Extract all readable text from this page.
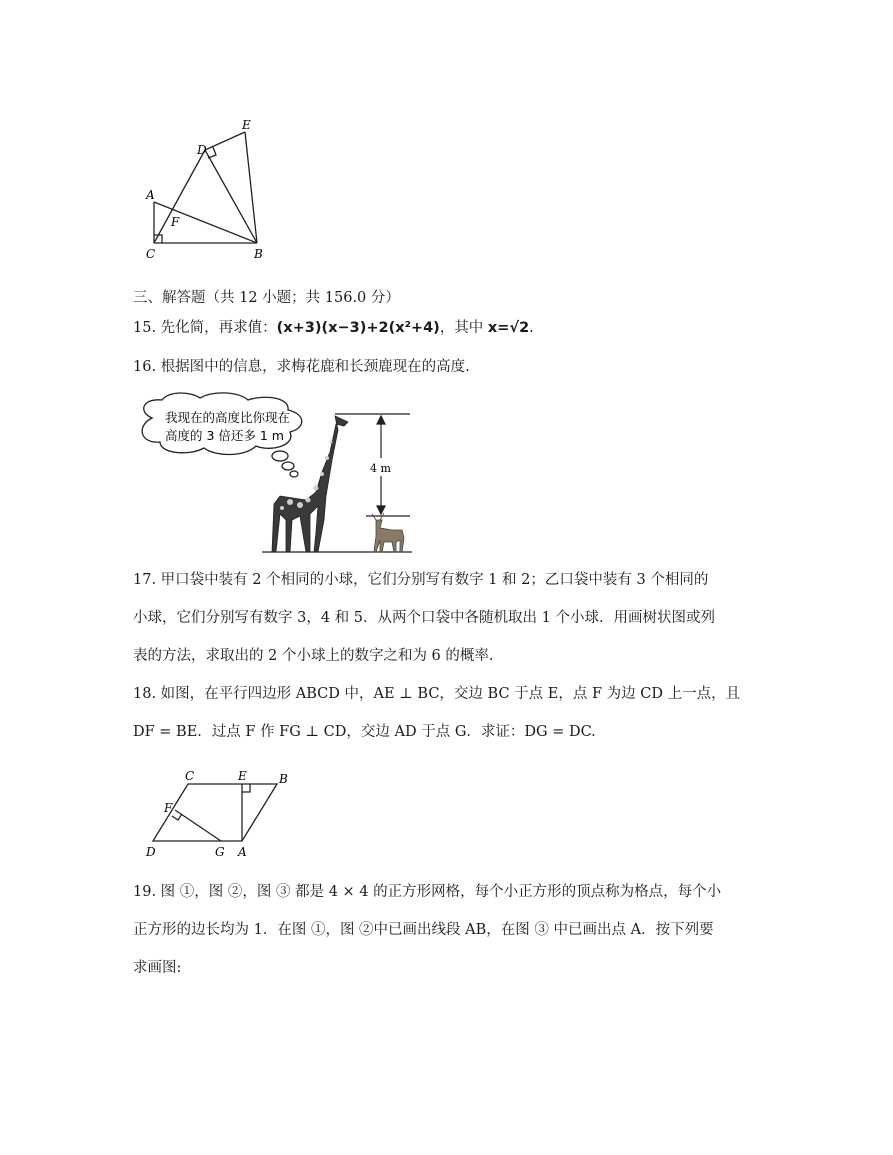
E
D
A
F
C	B
三、解答题（共 12 小题；共 156.0 分）
15. 先化简，再求值：(x+3)(x−3)+2(x²+4)，其中 x=√2.
16. 根据图中的信息，求梅花鹿和长颈鹿现在的高度.
我现在的高度比你现在
高度的 3 倍还多 1 m
4 m
17. 甲口袋中装有 2 个相同的小球，它们分别写有数字 1 和 2；乙口袋中装有 3 个相同的
小球，它们分别写有数字 3，4 和 5．从两个口袋中各随机取出 1 个小球．用画树状图或列
表的方法，求取出的 2 个小球上的数字之和为 6 的概率.
18. 如图，在平行四边形 ABCD 中，AE ⊥ BC，交边 BC 于点 E，点 F 为边 CD 上一点，且
DF = BE．过点 F 作 FG ⊥ CD，交边 AD 于点 G．求证：DG = DC.
C	E	B
F
D	G A
19. 图 ①，图 ②，图 ③ 都是 4 × 4 的正方形网格，每个小正方形的顶点称为格点，每个小
正方形的边长均为 1．在图 ①，图 ②中已画出线段 AB，在图 ③ 中已画出点 A．按下列要
求画图:
